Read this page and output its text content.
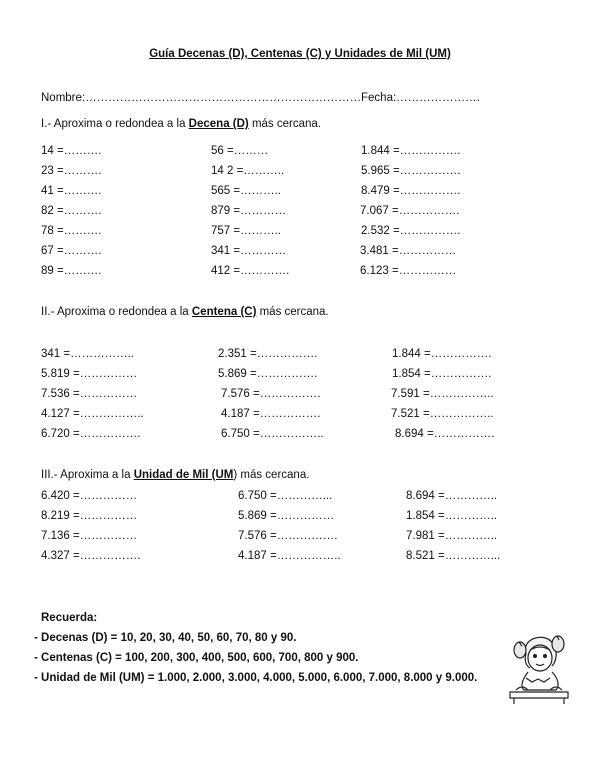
Guía Decenas (D), Centenas (C) y Unidades de Mil (UM)
Nombre:……………………………………………………………… Fecha:………………….
I.- Aproxima o redondea a la Decena (D) más cercana.
14 =……….
23 =……….
41 =……….
82 =……….
78 =……….
67 =……….
89 =……….
56 =………
14 2 =………..
565 =………..
879 =…………
757 =………..
341 =…………
412 =………….
1.844 =…………….
5.965 =…………….
8.479 =…………….
7.067 =…………….
2.532 =…………….
3.481 =……………
6.123 =……………
II.- Aproxima o redondea a la Centena (C) más cercana.
341 =……………..
5.819 =……………
7.536 =……………
4.127 =……………..
6.720 =…………….
2.351 =…………….
5.869 =…………….
7.576 =…………….
4.187 =…………….
6.750 =……………..
1.844 =…………….
1.854 =…………….
7.591 =……………..
7.521 =……………..
8.694 =…………….
III.- Aproxima a la Unidad de Mil (UM) más cercana.
6.420 =……………
8.219 =……………
7.136 =……………
4.327 =…………….
6.750 =…………...
5.869 =……………
7.576 =…………….
4.187 =……………..
8.694 =…………..
1.854 =…………..
7.981 =…………..
8.521 =…………...
Recuerda:
- Decenas (D) = 10, 20, 30, 40, 50, 60, 70, 80 y 90.
- Centenas (C) = 100, 200, 300, 400, 500, 600, 700, 800 y 900.
- Unidad de Mil (UM) = 1.000, 2.000, 3.000, 4.000, 5.000, 6.000, 7.000, 8.000 y 9.000.
